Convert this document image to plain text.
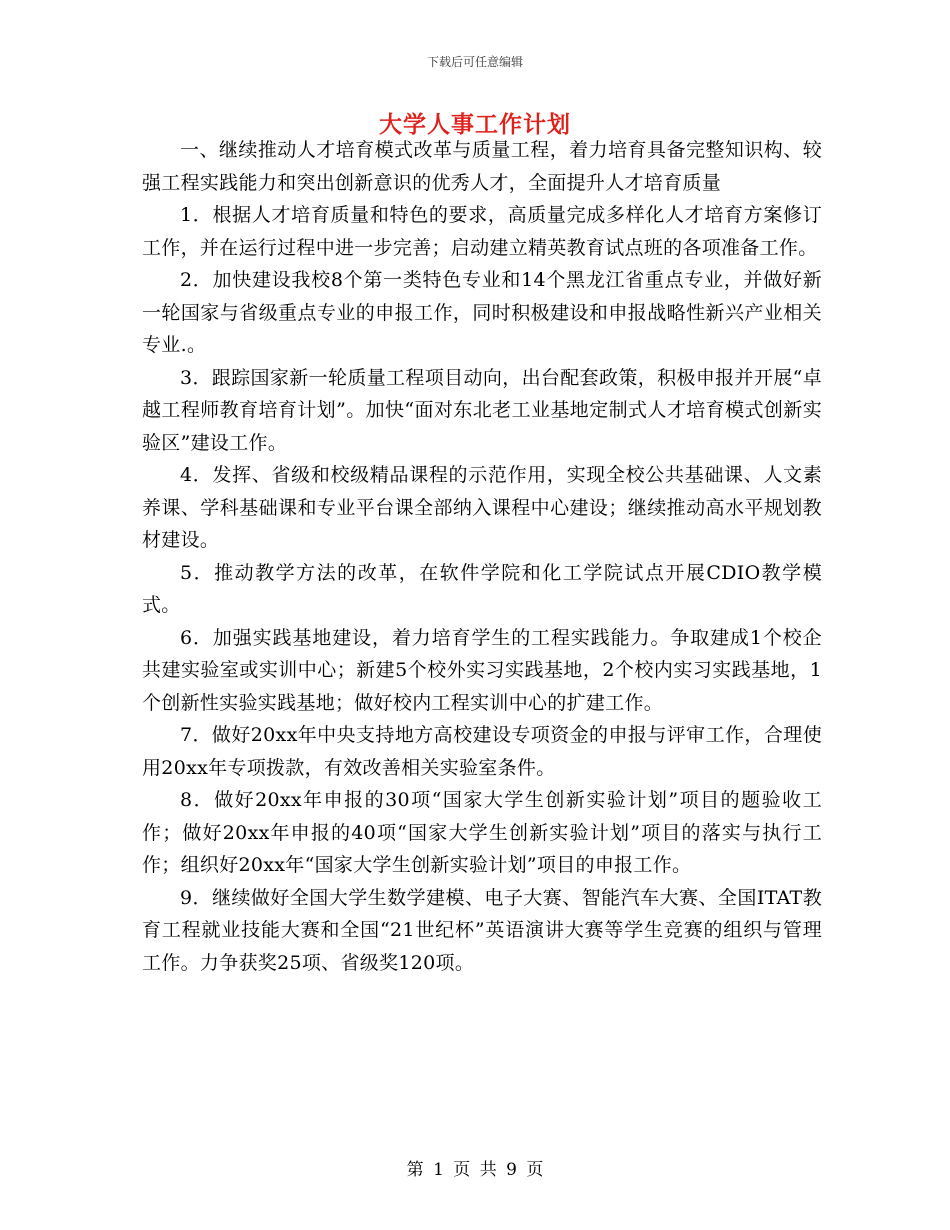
下载后可任意编辑
大学人事工作计划

一、继续推动人才培育模式改革与质量工程，着力培育具备完整知识构、较强工程实践能力和突出创新意识的优秀人才，全面提升人才培育质量

1．根据人才培育质量和特色的要求，高质量完成多样化人才培育方案修订工作，并在运行过程中进一步完善；启动建立精英教育试点班的各项准备工作。

2．加快建设我校8个第一类特色专业和14个黑龙江省重点专业，并做好新一轮国家与省级重点专业的申报工作，同时积极建设和申报战略性新兴产业相关专业.。

3．跟踪国家新一轮质量工程项目动向，出台配套政策，积极申报并开展“卓越工程师教育培育计划”。加快“面对东北老工业基地定制式人才培育模式创新实验区”建设工作。

4．发挥、省级和校级精品课程的示范作用，实现全校公共基础课、人文素养课、学科基础课和专业平台课全部纳入课程中心建设；继续推动高水平规划教材建设。

5．推动教学方法的改革，在软件学院和化工学院试点开展CDIO教学模式。

6．加强实践基地建设，着力培育学生的工程实践能力。争取建成1个校企共建实验室或实训中心；新建5个校外实习实践基地，2个校内实习实践基地，1个创新性实验实践基地；做好校内工程实训中心的扩建工作。

7．做好20xx年中央支持地方高校建设专项资金的申报与评审工作，合理使用20xx年专项拨款，有效改善相关实验室条件。

8．做好20xx年申报的30项“国家大学生创新实验计划”项目的题验收工作；做好20xx年申报的40项“国家大学生创新实验计划”项目的落实与执行工作；组织好20xx年“国家大学生创新实验计划”项目的申报工作。

9．继续做好全国大学生数学建模、电子大赛、智能汽车大赛、全国ITAT教育工程就业技能大赛和全国“21世纪杯”英语演讲大赛等学生竞赛的组织与管理工作。力争获奖25项、省级奖120项。

第 1 页 共 9 页
